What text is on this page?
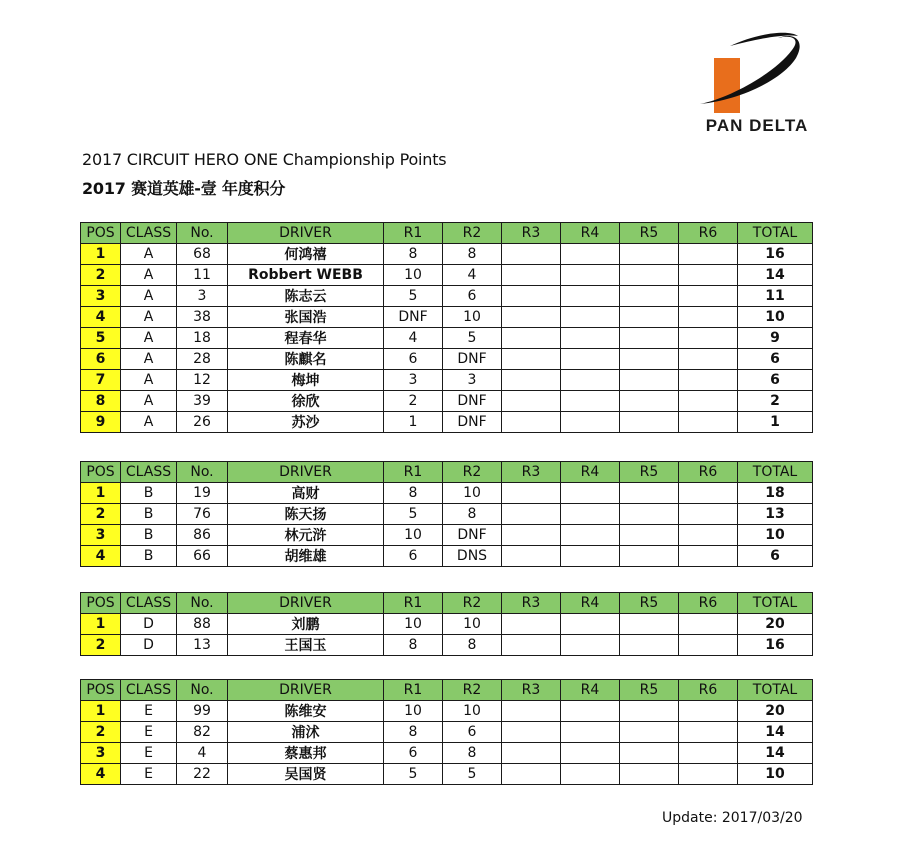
PAN DELTA
2017 CIRCUIT HERO ONE Championship Points
2017 赛道英雄-壹 年度积分
POS	CLASS	No.	DRIVER	R1	R2	R3	R4	R5	R6	TOTAL
1	A	68	何鸿禧	8	8					16
2	A	11	Robbert WEBB	10	4					14
3	A	3	陈志云	5	6					11
4	A	38	张国浩	DNF	10					10
5	A	18	程春华	4	5					9
6	A	28	陈麒名	6	DNF					6
7	A	12	梅坤	3	3					6
8	A	39	徐欣	2	DNF					2
9	A	26	苏沙	1	DNF					1
POS	CLASS	No.	DRIVER	R1	R2	R3	R4	R5	R6	TOTAL
1	B	19	高财	8	10					18
2	B	76	陈天扬	5	8					13
3	B	86	林元浒	10	DNF					10
4	B	66	胡维雄	6	DNS					6
POS	CLASS	No.	DRIVER	R1	R2	R3	R4	R5	R6	TOTAL
1	D	88	刘鹏	10	10					20
2	D	13	王国玉	8	8					16
POS	CLASS	No.	DRIVER	R1	R2	R3	R4	R5	R6	TOTAL
1	E	99	陈维安	10	10					20
2	E	82	浦沭	8	6					14
3	E	4	蔡惠邦	6	8					14
4	E	22	吴国贤	5	5					10
Update: 2017/03/20
